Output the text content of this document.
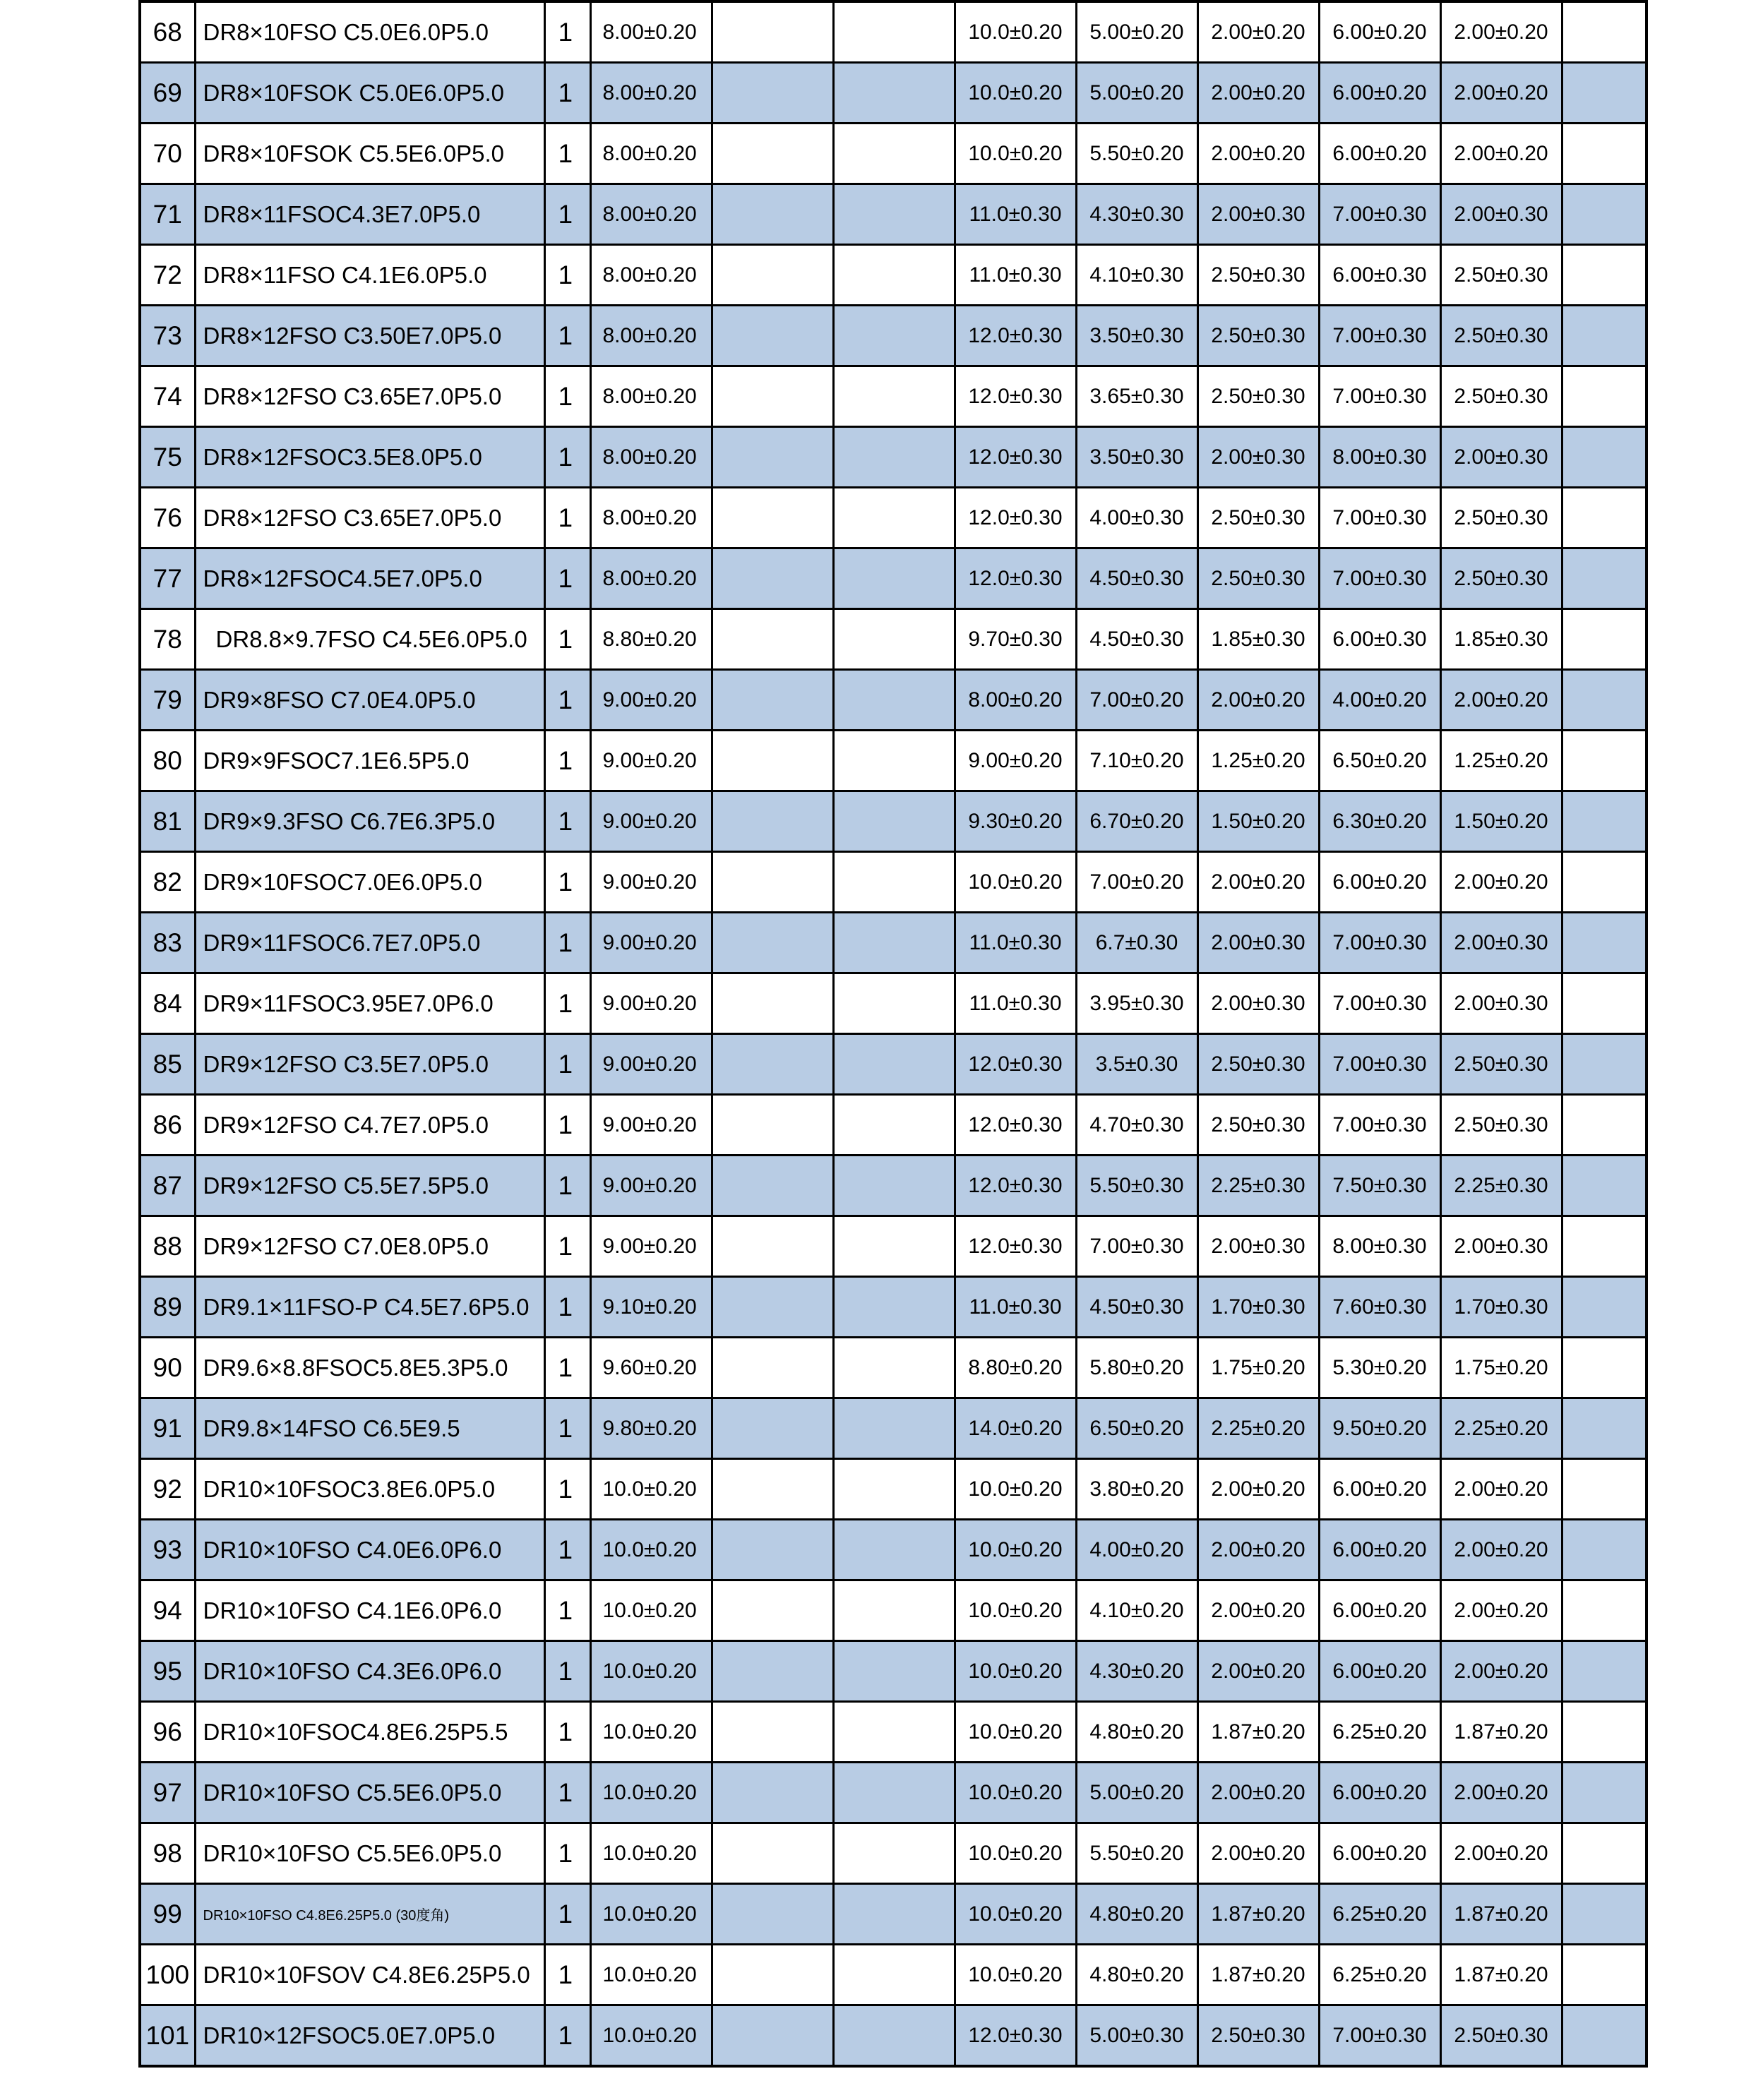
68	DR8×10FSO C5.0E6.0P5.0	1	8.00±0.20			10.0±0.20	5.00±0.20	2.00±0.20	6.00±0.20	2.00±0.20	
69	DR8×10FSOK C5.0E6.0P5.0	1	8.00±0.20			10.0±0.20	5.00±0.20	2.00±0.20	6.00±0.20	2.00±0.20	
70	DR8×10FSOK C5.5E6.0P5.0	1	8.00±0.20			10.0±0.20	5.50±0.20	2.00±0.20	6.00±0.20	2.00±0.20	
71	DR8×11FSOC4.3E7.0P5.0	1	8.00±0.20			11.0±0.30	4.30±0.30	2.00±0.30	7.00±0.30	2.00±0.30	
72	DR8×11FSO C4.1E6.0P5.0	1	8.00±0.20			11.0±0.30	4.10±0.30	2.50±0.30	6.00±0.30	2.50±0.30	
73	DR8×12FSO C3.50E7.0P5.0	1	8.00±0.20			12.0±0.30	3.50±0.30	2.50±0.30	7.00±0.30	2.50±0.30	
74	DR8×12FSO C3.65E7.0P5.0	1	8.00±0.20			12.0±0.30	3.65±0.30	2.50±0.30	7.00±0.30	2.50±0.30	
75	DR8×12FSOC3.5E8.0P5.0	1	8.00±0.20			12.0±0.30	3.50±0.30	2.00±0.30	8.00±0.30	2.00±0.30	
76	DR8×12FSO C3.65E7.0P5.0	1	8.00±0.20			12.0±0.30	4.00±0.30	2.50±0.30	7.00±0.30	2.50±0.30	
77	DR8×12FSOC4.5E7.0P5.0	1	8.00±0.20			12.0±0.30	4.50±0.30	2.50±0.30	7.00±0.30	2.50±0.30	
78	DR8.8×9.7FSO C4.5E6.0P5.0	1	8.80±0.20			9.70±0.30	4.50±0.30	1.85±0.30	6.00±0.30	1.85±0.30	
79	DR9×8FSO C7.0E4.0P5.0	1	9.00±0.20			8.00±0.20	7.00±0.20	2.00±0.20	4.00±0.20	2.00±0.20	
80	DR9×9FSOC7.1E6.5P5.0	1	9.00±0.20			9.00±0.20	7.10±0.20	1.25±0.20	6.50±0.20	1.25±0.20	
81	DR9×9.3FSO C6.7E6.3P5.0	1	9.00±0.20			9.30±0.20	6.70±0.20	1.50±0.20	6.30±0.20	1.50±0.20	
82	DR9×10FSOC7.0E6.0P5.0	1	9.00±0.20			10.0±0.20	7.00±0.20	2.00±0.20	6.00±0.20	2.00±0.20	
83	DR9×11FSOC6.7E7.0P5.0	1	9.00±0.20			11.0±0.30	6.7±0.30	2.00±0.30	7.00±0.30	2.00±0.30	
84	DR9×11FSOC3.95E7.0P6.0	1	9.00±0.20			11.0±0.30	3.95±0.30	2.00±0.30	7.00±0.30	2.00±0.30	
85	DR9×12FSO C3.5E7.0P5.0	1	9.00±0.20			12.0±0.30	3.5±0.30	2.50±0.30	7.00±0.30	2.50±0.30	
86	DR9×12FSO C4.7E7.0P5.0	1	9.00±0.20			12.0±0.30	4.70±0.30	2.50±0.30	7.00±0.30	2.50±0.30	
87	DR9×12FSO C5.5E7.5P5.0	1	9.00±0.20			12.0±0.30	5.50±0.30	2.25±0.30	7.50±0.30	2.25±0.30	
88	DR9×12FSO C7.0E8.0P5.0	1	9.00±0.20			12.0±0.30	7.00±0.30	2.00±0.30	8.00±0.30	2.00±0.30	
89	DR9.1×11FSO-P C4.5E7.6P5.0	1	9.10±0.20			11.0±0.30	4.50±0.30	1.70±0.30	7.60±0.30	1.70±0.30	
90	DR9.6×8.8FSOC5.8E5.3P5.0	1	9.60±0.20			8.80±0.20	5.80±0.20	1.75±0.20	5.30±0.20	1.75±0.20	
91	DR9.8×14FSO C6.5E9.5	1	9.80±0.20			14.0±0.20	6.50±0.20	2.25±0.20	9.50±0.20	2.25±0.20	
92	DR10×10FSOC3.8E6.0P5.0	1	10.0±0.20			10.0±0.20	3.80±0.20	2.00±0.20	6.00±0.20	2.00±0.20	
93	DR10×10FSO C4.0E6.0P6.0	1	10.0±0.20			10.0±0.20	4.00±0.20	2.00±0.20	6.00±0.20	2.00±0.20	
94	DR10×10FSO C4.1E6.0P6.0	1	10.0±0.20			10.0±0.20	4.10±0.20	2.00±0.20	6.00±0.20	2.00±0.20	
95	DR10×10FSO C4.3E6.0P6.0	1	10.0±0.20			10.0±0.20	4.30±0.20	2.00±0.20	6.00±0.20	2.00±0.20	
96	DR10×10FSOC4.8E6.25P5.5	1	10.0±0.20			10.0±0.20	4.80±0.20	1.87±0.20	6.25±0.20	1.87±0.20	
97	DR10×10FSO C5.5E6.0P5.0	1	10.0±0.20			10.0±0.20	5.00±0.20	2.00±0.20	6.00±0.20	2.00±0.20	
98	DR10×10FSO C5.5E6.0P5.0	1	10.0±0.20			10.0±0.20	5.50±0.20	2.00±0.20	6.00±0.20	2.00±0.20	
99	DR10×10FSO C4.8E6.25P5.0 (30度角)	1	10.0±0.20			10.0±0.20	4.80±0.20	1.87±0.20	6.25±0.20	1.87±0.20	
100	DR10×10FSOV C4.8E6.25P5.0	1	10.0±0.20			10.0±0.20	4.80±0.20	1.87±0.20	6.25±0.20	1.87±0.20	
101	DR10×12FSOC5.0E7.0P5.0	1	10.0±0.20			12.0±0.30	5.00±0.30	2.50±0.30	7.00±0.30	2.50±0.30	
